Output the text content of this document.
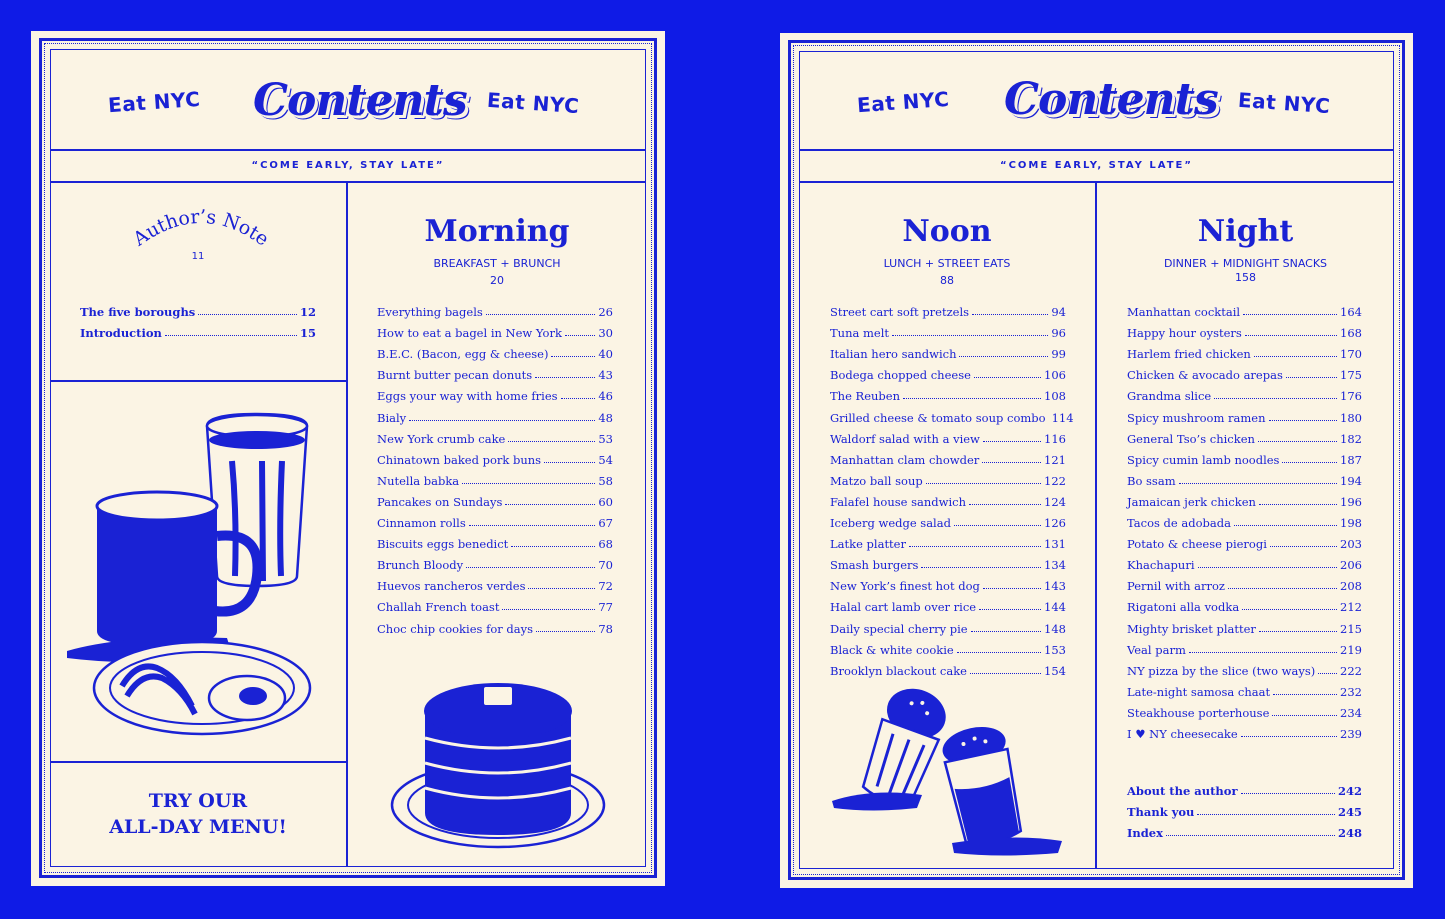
Eat NYC Contents Eat NYC
“COME EARLY, STAY LATE”
Author’s Note
11
The five boroughs	12
Introduction	15
TRY OUR
ALL-DAY MENU!
Morning
BREAKFAST + BRUNCH
20
Everything bagels	26
How to eat a bagel in New York	30
B.E.C. (Bacon, egg & cheese)	40
Burnt butter pecan donuts	43
Eggs your way with home fries	46
Bialy	48
New York crumb cake	53
Chinatown baked pork buns	54
Nutella babka	58
Pancakes on Sundays	60
Cinnamon rolls	67
Biscuits eggs benedict	68
Brunch Bloody	70
Huevos rancheros verdes	72
Challah French toast	77
Choc chip cookies for days	78
Eat NYC Contents Eat NYC
“COME EARLY, STAY LATE”
Noon
LUNCH + STREET EATS
88
Street cart soft pretzels	94
Tuna melt	96
Italian hero sandwich	99
Bodega chopped cheese	106
The Reuben	108
Grilled cheese & tomato soup combo 114
Waldorf salad with a view	116
Manhattan clam chowder	121
Matzo ball soup	122
Falafel house sandwich	124
Iceberg wedge salad	126
Latke platter	131
Smash burgers	134
New York’s finest hot dog	143
Halal cart lamb over rice	144
Daily special cherry pie	148
Black & white cookie	153
Brooklyn blackout cake	154
Night
DINNER + MIDNIGHT SNACKS
158
Manhattan cocktail	164
Happy hour oysters	168
Harlem fried chicken	170
Chicken & avocado arepas	175
Grandma slice	176
Spicy mushroom ramen	180
General Tso’s chicken	182
Spicy cumin lamb noodles	187
Bo ssam	194
Jamaican jerk chicken	196
Tacos de adobada	198
Potato & cheese pierogi	203
Khachapuri	206
Pernil with arroz	208
Rigatoni alla vodka	212
Mighty brisket platter	215
Veal parm	219
NY pizza by the slice (two ways) 222
Late-night samosa chaat	232
Steakhouse porterhouse	234
I ♥ NY cheesecake	239
About the author	242
Thank you	245
Index	248
